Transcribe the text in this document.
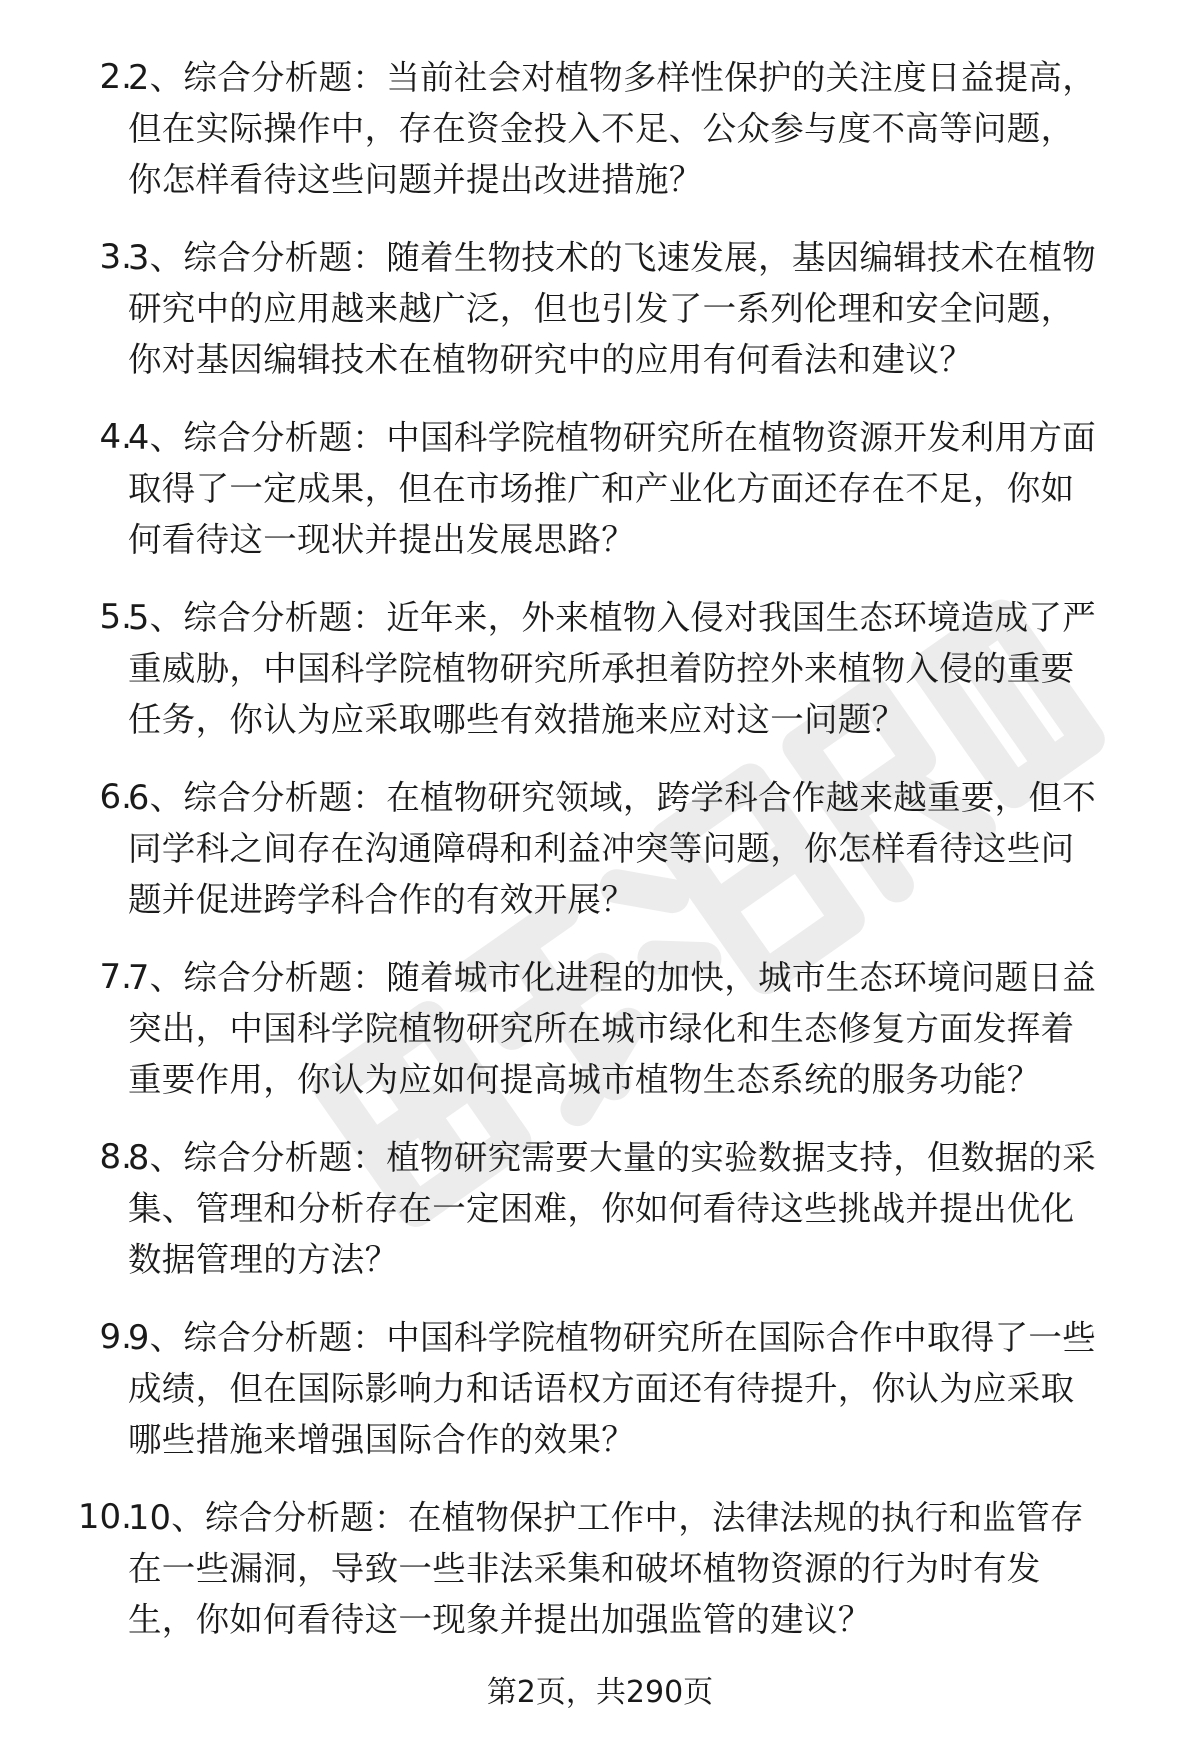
2.
2、综合分析题：当前社会对植物多样性保护的关注度日益提高，
但在实际操作中，存在资金投入不足、公众参与度不高等问题，
你怎样看待这些问题并提出改进措施？
3.
3、综合分析题：随着生物技术的飞速发展，基因编辑技术在植物
研究中的应用越来越广泛，但也引发了一系列伦理和安全问题，
你对基因编辑技术在植物研究中的应用有何看法和建议？
4.
4、综合分析题：中国科学院植物研究所在植物资源开发利用方面
取得了一定成果，但在市场推广和产业化方面还存在不足，你如
何看待这一现状并提出发展思路？
5.
5、综合分析题：近年来，外来植物入侵对我国生态环境造成了严
重威胁，中国科学院植物研究所承担着防控外来植物入侵的重要
任务，你认为应采取哪些有效措施来应对这一问题？
6.
6、综合分析题：在植物研究领域，跨学科合作越来越重要，但不
同学科之间存在沟通障碍和利益冲突等问题，你怎样看待这些问
题并促进跨学科合作的有效开展？
7.
7、综合分析题：随着城市化进程的加快，城市生态环境问题日益
突出，中国科学院植物研究所在城市绿化和生态修复方面发挥着
重要作用，你认为应如何提高城市植物生态系统的服务功能？
8.
8、综合分析题：植物研究需要大量的实验数据支持，但数据的采
集、管理和分析存在一定困难，你如何看待这些挑战并提出优化
数据管理的方法？
9.
9、综合分析题：中国科学院植物研究所在国际合作中取得了一些
成绩，但在国际影响力和话语权方面还有待提升，你认为应采取
哪些措施来增强国际合作的效果？
10.
10、综合分析题：在植物保护工作中，法律法规的执行和监管存
在一些漏洞，导致一些非法采集和破坏植物资源的行为时有发
生，你如何看待这一现象并提出加强监管的建议？
第2页，共290页
